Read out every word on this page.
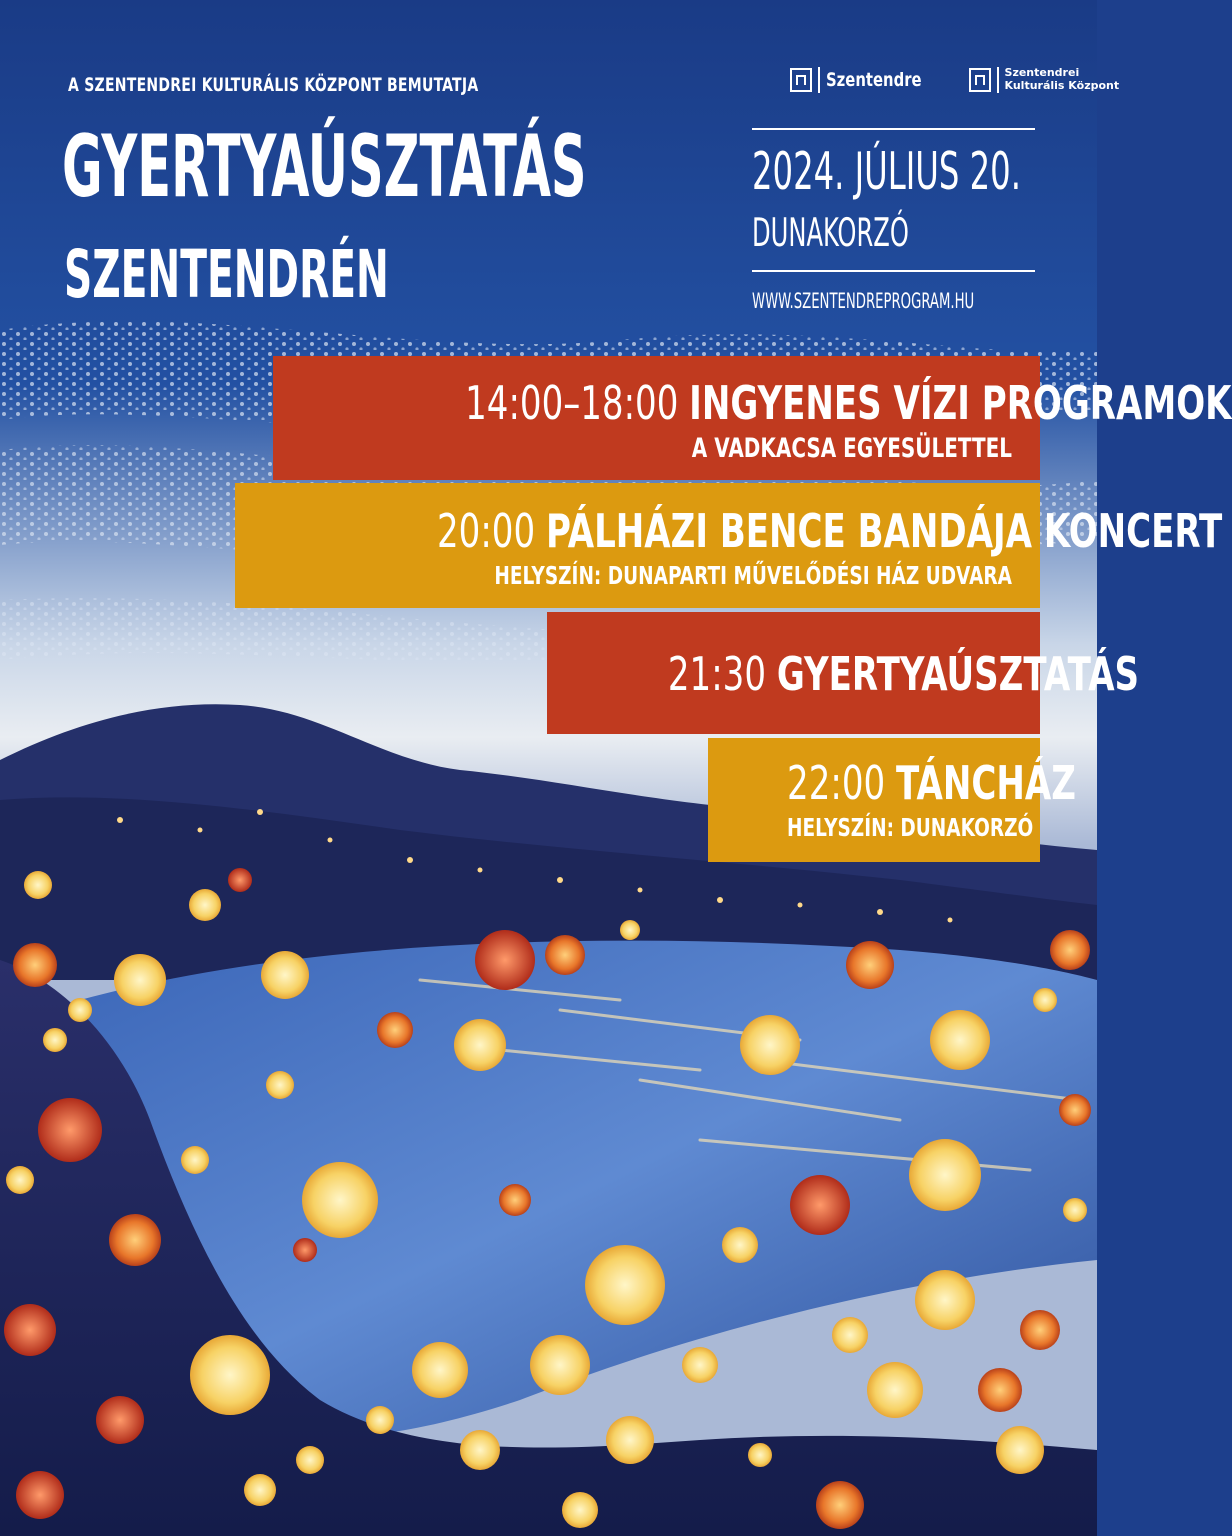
A SZENTENDREI KULTURÁLIS KÖZPONT BEMUTATJA
GYERTYAÚSZTATÁS
SZENTENDRÉN
Szentendre	Szentendrei
Kulturális Központ
2024. JÚLIUS 20.
DUNAKORZÓ
WWW.SZENTENDREPROGRAM.HU
14:00–18:00 INGYENES VÍZI PROGRAMOK
A VADKACSA EGYESÜLETTEL
20:00 PÁLHÁZI BENCE BANDÁJA KONCERT
HELYSZÍN: DUNAPARTI MŰVELŐDÉSI HÁZ UDVARA
21:30 GYERTYAÚSZTATÁS
22:00 TÁNCHÁZ
HELYSZÍN: DUNAKORZÓ
